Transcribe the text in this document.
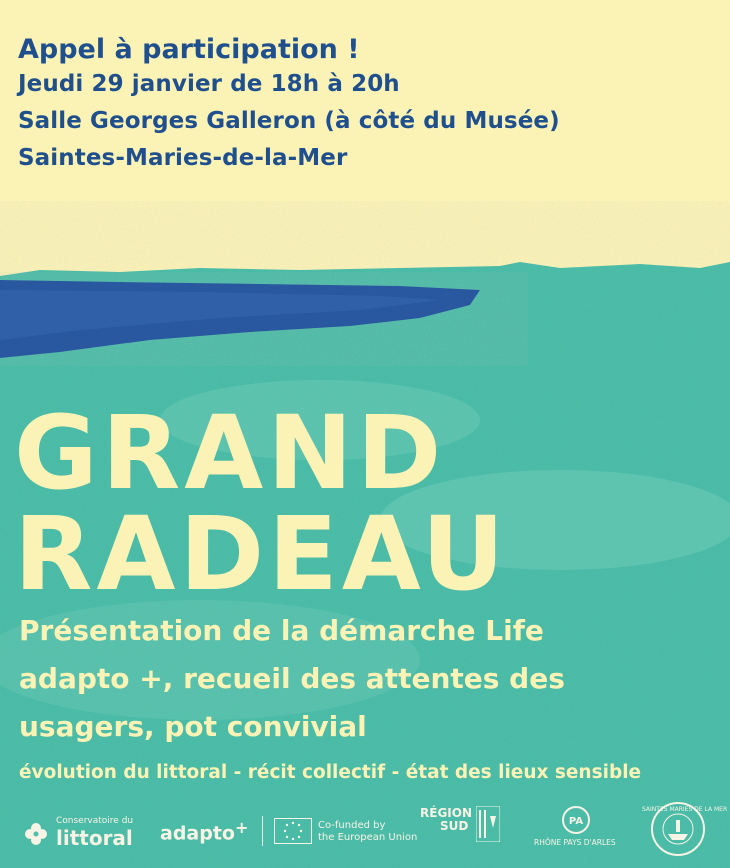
Appel à participation !
Jeudi 29 janvier de 18h à 20h
Salle Georges Galleron (à côté du Musée)
Saintes-Maries-de-la-Mer
GRAND
RADEAU
Présentation de la démarche Life
adapto +, recueil des attentes des
usagers, pot convivial
évolution du littoral - récit collectif - état des lieux sensible
Conservatoire du
littoral adapto+	Co-funded by
the European Union
RÉGION
SUD	PA
RHÔNE PAYS D'ARLES
SAINTES MARIES DE LA MER
